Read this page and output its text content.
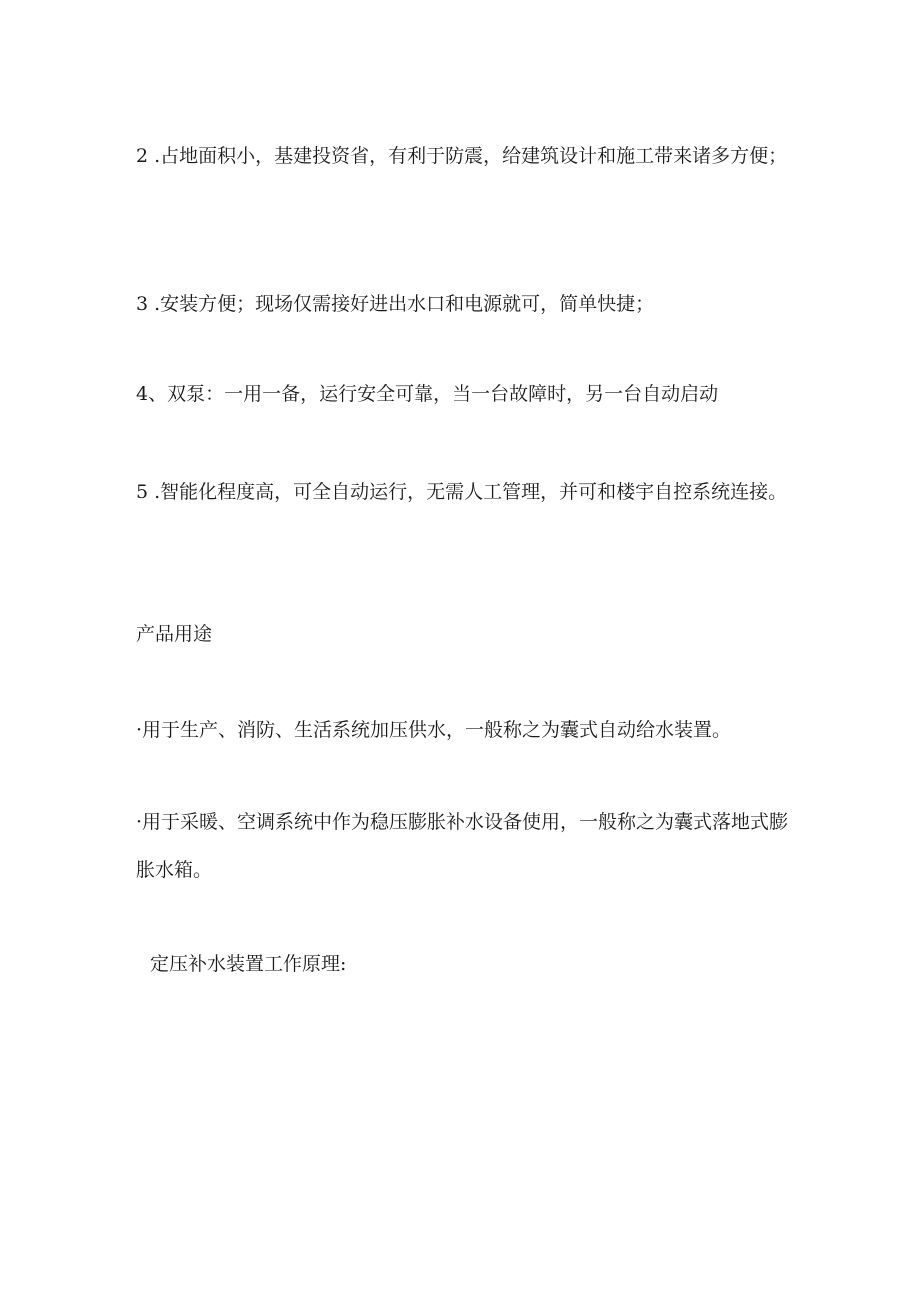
2 .占地面积小，基建投资省，有利于防震，给建筑设计和施工带来诸多方便；

3 .安装方便；现场仅需接好进出水口和电源就可，简单快捷；

4、双泵：一用一备，运行安全可靠，当一台故障时，另一台自动启动

5 .智能化程度高，可全自动运行，无需人工管理，并可和楼宇自控系统连接。

产品用途

·用于生产、消防、生活系统加压供水，一般称之为囊式自动给水装置。

·用于采暖、空调系统中作为稳压膨胀补水设备使用，一般称之为囊式落地式膨胀水箱。

定压补水装置工作原理:
